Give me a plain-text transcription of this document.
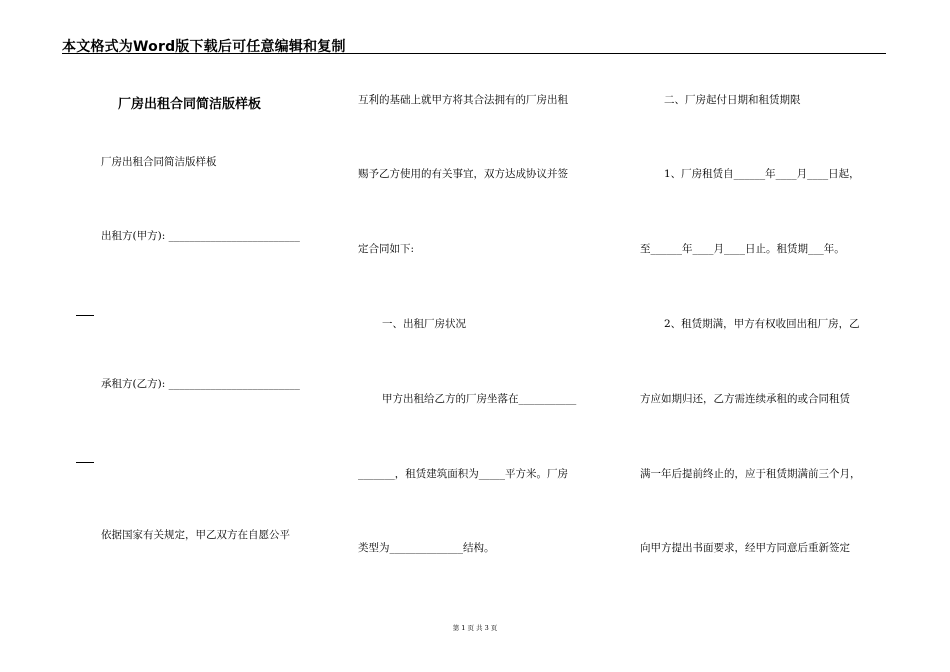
本文格式为Word版下载后可任意编辑和复制
厂房出租合同简洁版样板
厂房出租合同简洁版样板
出租方(甲方): _________________________
承租方(乙方): _________________________
依据国家有关规定，甲乙双方在自愿公平
互利的基础上就甲方将其合法拥有的厂房出租
赐予乙方使用的有关事宜，双方达成协议并签
定合同如下:
一、出租厂房状况
甲方出租给乙方的厂房坐落在___________
_______，租赁建筑面积为_____平方米。厂房
类型为______________结构。
二、厂房起付日期和租赁期限
1、厂房租赁自______年____月____日起，
至______年____月____日止。租赁期___年。
2、租赁期满，甲方有权收回出租厂房，乙
方应如期归还，乙方需连续承租的或合同租赁
满一年后提前终止的，应于租赁期满前三个月，
向甲方提出书面要求，经甲方同意后重新签定
第 1 页 共 3 页
